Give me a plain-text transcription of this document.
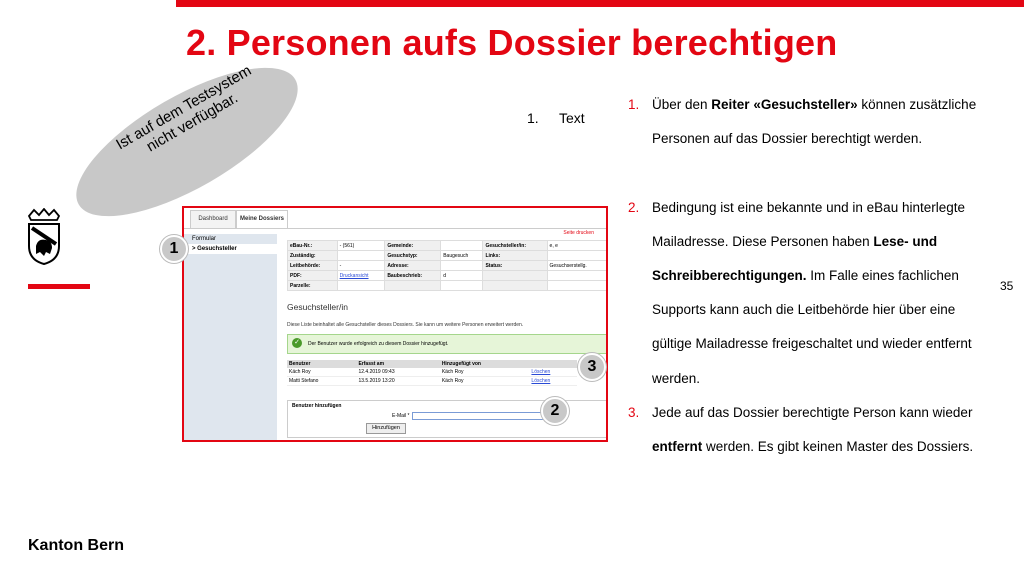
2. Personen aufs Dossier berechtigen
Ist auf dem Testsystem nicht verfügbar.	1. Text
1. Über den Reiter «Gesuchsteller» können zusätzliche
Personen auf das Dossier berechtigt werden.
2. Bedingung ist eine bekannte und in eBau hinterlegte
Mailadresse. Diese Personen haben Lese- und
Schreibberechtigungen. Im Falle eines fachlichen
Supports kann auch die Leitbehörde hier über eine
gültige Mailadresse freigeschaltet und wieder entfernt
werden.
3. Jede auf das Dossier berechtigte Person kann wieder
entfernt werden. Es gibt keinen Master des Dossiers.
35
Kanton Bern
Dashboard	Meine Dossiers
Seite drucken
Formular
> Gesuchsteller
eBau-Nr.:	- (561)	Gemeinde:		Gesuchsteller/in:	e, e
Zuständig:		Gesuchstyp:	Baugesuch	Links:	
Leitbehörde:	-	Adresse:		Status:	Gesuchserstellg.
PDF:	Druckansicht	Baubeschrieb:	d		
Parzelle:					
Gesuchsteller/in
Diese Liste beinhaltet alle Gesuchsteller dieses Dossiers. Sie kann um weitere Personen erweitert werden.
✓	Der Benutzer wurde erfolgreich zu diesem Dossier hinzugefügt.
Benutzer	Erfasst am	Hinzugefügt von	
Käch Roy	12.4.2019 09:43	Käch Roy	Löschen
Matti Stefano	13.5.2019 13:20	Käch Roy	Löschen
Benutzer hinzufügen
E-Mail *
Hinzufügen
1
2
3
